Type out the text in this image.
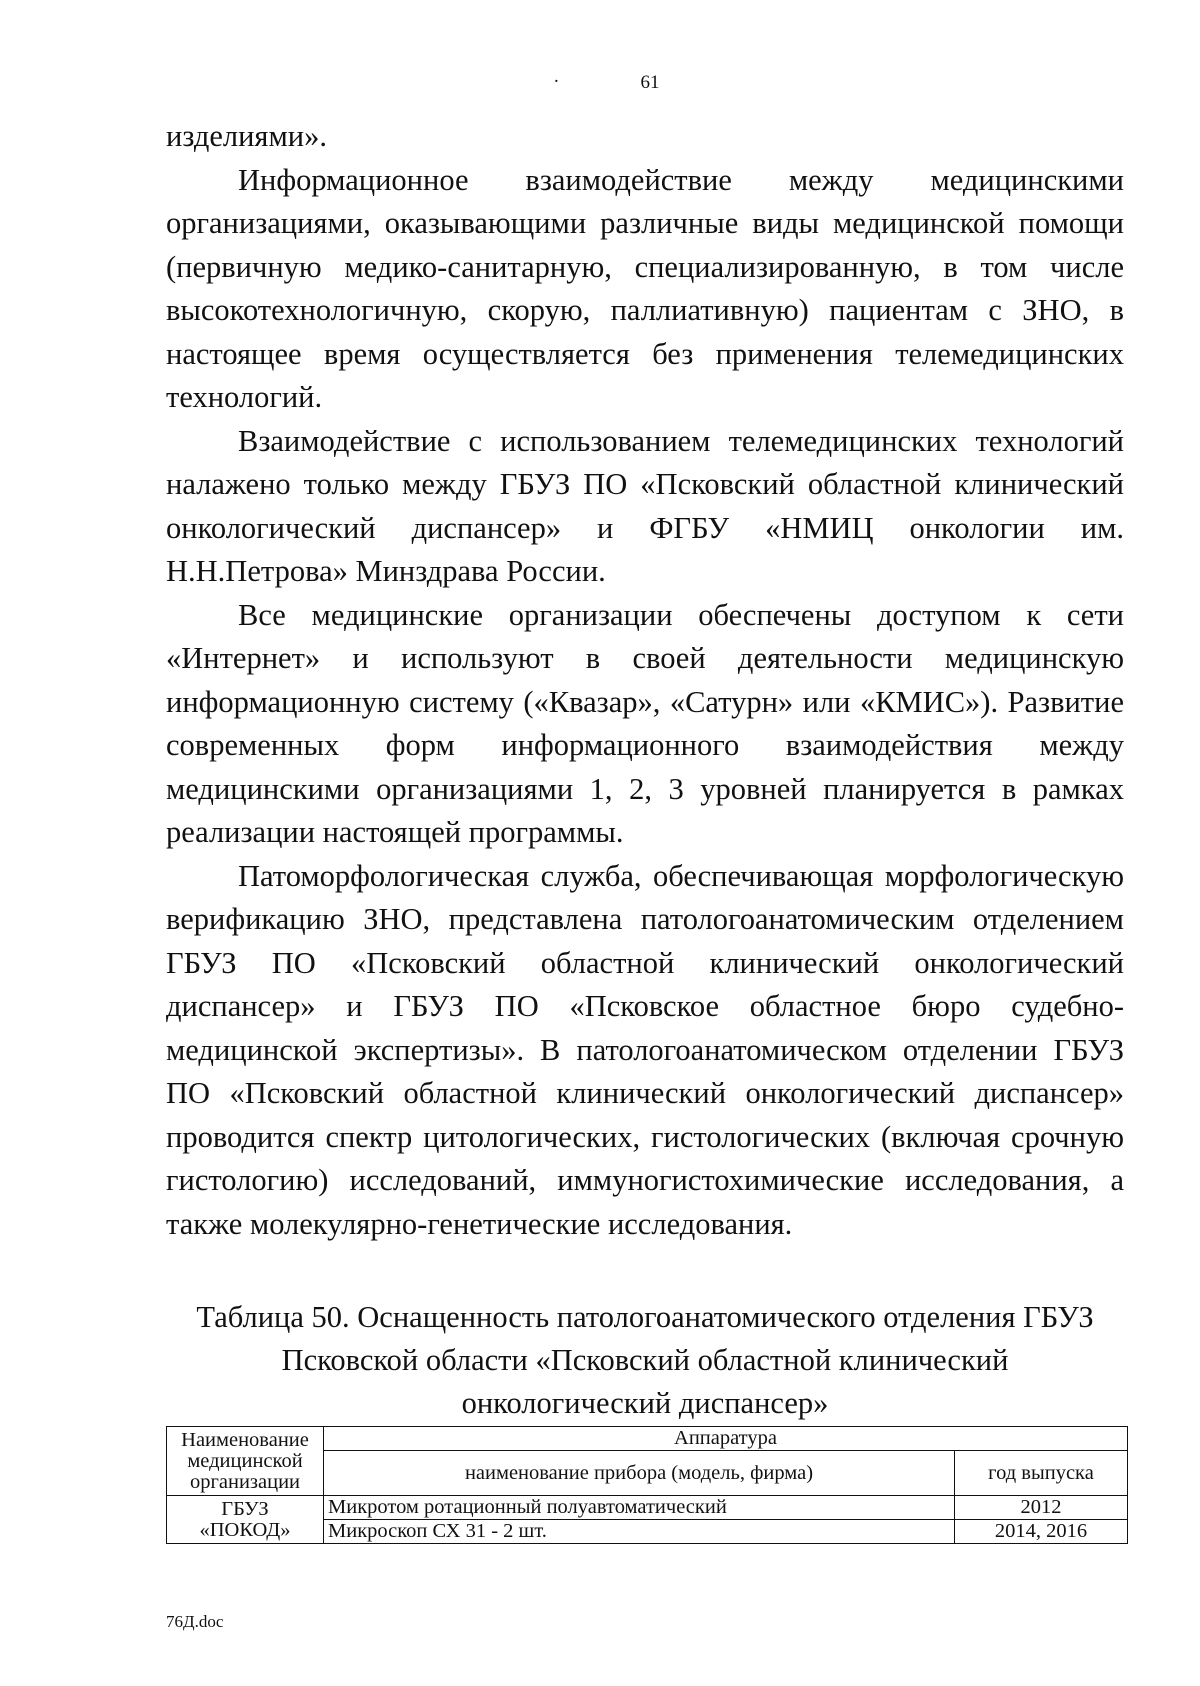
.	61

изделиями».

Информационное взаимодействие между медицинскими организациями, оказывающими различные виды медицинской помощи (первичную медико-санитарную, специализированную, в том числе высокотехнологичную, скорую, паллиативную) пациентам с ЗНО, в настоящее время осуществляется без применения телемедицинских технологий.

Взаимодействие с использованием телемедицинских технологий налажено только между ГБУЗ ПО «Псковский областной клинический онкологический диспансер» и ФГБУ «НМИЦ онкологии им. Н.Н.Петрова» Минздрава России.

Все медицинские организации обеспечены доступом к сети «Интернет» и используют в своей деятельности медицинскую информационную систему («Квазар», «Сатурн» или «КМИС»). Развитие современных форм информационного взаимодействия между медицинскими организациями 1, 2, 3 уровней планируется в рамках реализации настоящей программы.

Патоморфологическая служба, обеспечивающая морфологическую верификацию ЗНО, представлена патологоанатомическим отделением ГБУЗ ПО «Псковский областной клинический онкологический диспансер» и ГБУЗ ПО «Псковское областное бюро судебно-медицинской экспертизы». В патологоанатомическом отделении ГБУЗ ПО «Псковский областной клинический онкологический диспансер» проводится спектр цитологических, гистологических (включая срочную гистологию) исследований, иммуногистохимические исследования, а также молекулярно-генетические исследования.

Таблица 50. Оснащенность патологоанатомического отделения ГБУЗ
Псковской области «Псковский областной клинический
онкологический диспансер»
Наименование
медицинской
организации	Аппаратура	
	наименование прибора (модель, фирма)	год выпуска

ГБУЗ
«ПОКОД»	Микротом ротационный полуавтоматический	2012
	Микроскоп СХ 31 - 2 шт.	2014, 2016
76Д.doc
